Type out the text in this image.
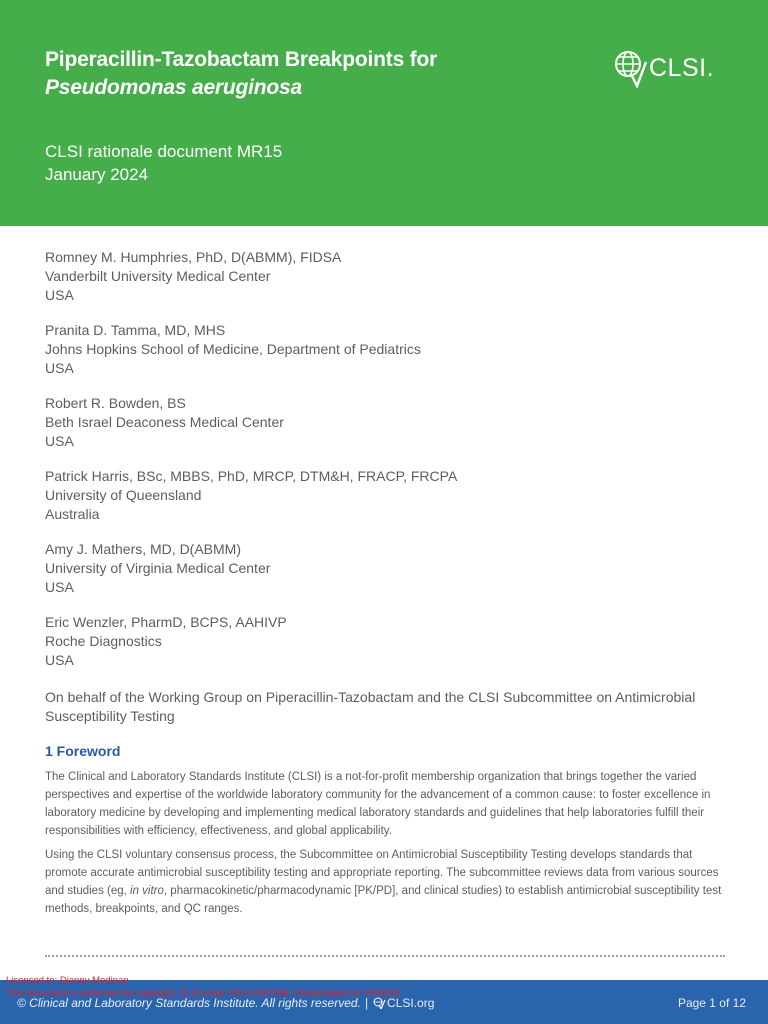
Piperacillin-Tazobactam Breakpoints for
Pseudomonas aeruginosa
CLSI rationale document MR15
January 2024
CLSI.
Romney M. Humphries, PhD, D(ABMM), FIDSA
Vanderbilt University Medical Center
USA
Pranita D. Tamma, MD, MHS
Johns Hopkins School of Medicine, Department of Pediatrics
USA
Robert R. Bowden, BS
Beth Israel Deaconess Medical Center
USA
Patrick Harris, BSc, MBBS, PhD, MRCP, DTM&H, FRACP, FRCPA
University of Queensland
Australia
Amy J. Mathers, MD, D(ABMM)
University of Virginia Medical Center
USA
Eric Wenzler, PharmD, BCPS, AAHIVP
Roche Diagnostics
USA
On behalf of the Working Group on Piperacillin-Tazobactam and the CLSI Subcommittee on Antimicrobial Susceptibility Testing
1 Foreword
The Clinical and Laboratory Standards Institute (CLSI) is a not-for-profit membership organization that brings together the varied perspectives and expertise of the worldwide laboratory community for the advancement of a common cause: to foster excellence in laboratory medicine by developing and implementing medical laboratory standards and guidelines that help laboratories fulfill their responsibilities with efficiency, effectiveness, and global applicability.
Using the CLSI voluntary consensus process, the Subcommittee on Antimicrobial Susceptibility Testing develops standards that promote accurate antimicrobial susceptibility testing and appropriate reporting. The subcommittee reviews data from various sources and studies (eg, in vitro, pharmacokinetic/pharmacodynamic [PK/PD], and clinical studies) to establish antimicrobial susceptibility test methods, breakpoints, and QC ranges.
© Clinical and Laboratory Standards Institute. All rights reserved. | CLSI.org	Page 1 of 12
Licensed to: Dianny Medinan
This document is protected by copyright. CLSI order #Ord-1097998, Downloaded on 1/3/2024.
